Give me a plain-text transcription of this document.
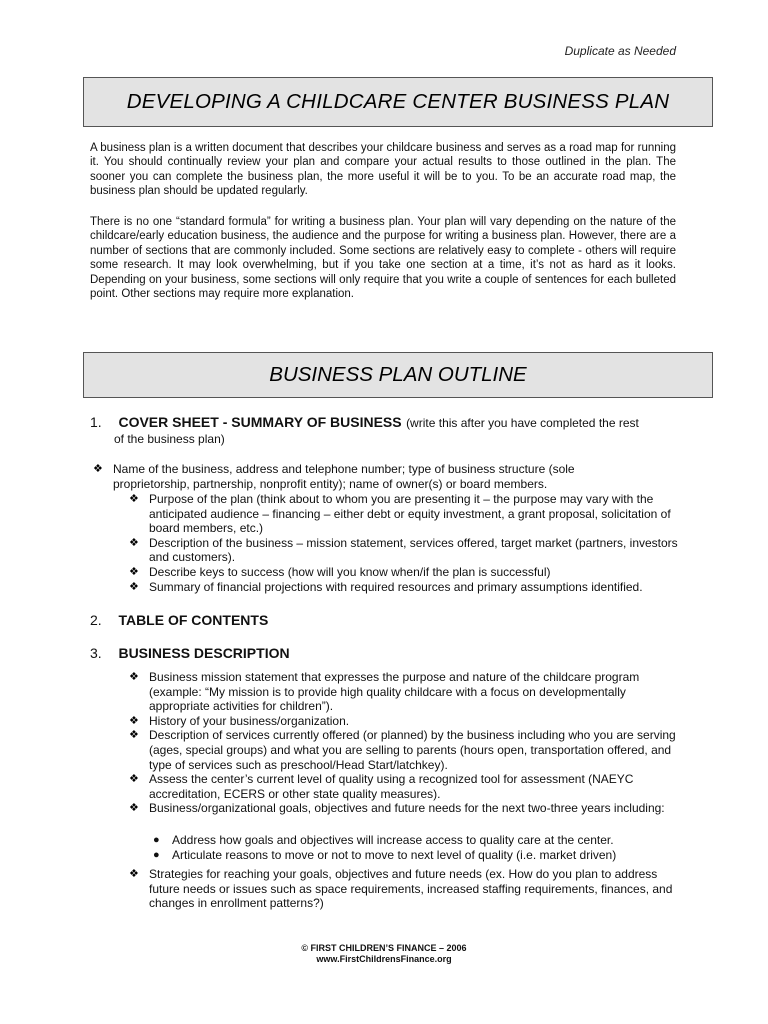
Duplicate as Needed
DEVELOPING A CHILDCARE CENTER BUSINESS PLAN

A business plan is a written document that describes your childcare business and serves as a road map for running it. You should continually review your plan and compare your actual results to those outlined in the plan. The sooner you can complete the business plan, the more useful it will be to you. To be an accurate road map, the business plan should be updated regularly.

There is no one “standard formula” for writing a business plan. Your plan will vary depending on the nature of the childcare/early education business, the audience and the purpose for writing a business plan. However, there are a number of sections that are commonly included. Some sections are relatively easy to complete - others will require some research. It may look overwhelming, but if you take one section at a time, it’s not as hard as it looks. Depending on your business, some sections will only require that you write a couple of sentences for each bulleted point. Other sections may require more explanation.

BUSINESS PLAN OUTLINE
1. COVER SHEET - SUMMARY OF BUSINESS (write this after you have completed the rest
of the business plan)
❖ Name of the business, address and telephone number; type of business structure (sole proprietorship, partnership, nonprofit entity); name of owner(s) or board members.
❖ Purpose of the plan (think about to whom you are presenting it – the purpose may vary with the anticipated audience – financing – either debt or equity investment, a grant proposal, solicitation of board members, etc.)
❖ Description of the business – mission statement, services offered, target market (partners, investors and customers).
❖ Describe keys to success (how will you know when/if the plan is successful)
❖ Summary of financial projections with required resources and primary assumptions identified.
2. TABLE OF CONTENTS
3. BUSINESS DESCRIPTION
❖ Business mission statement that expresses the purpose and nature of the childcare program (example: “My mission is to provide high quality childcare with a focus on developmentally appropriate activities for children”).
❖ History of your business/organization.
❖ Description of services currently offered (or planned) by the business including who you are serving (ages, special groups) and what you are selling to parents (hours open, transportation offered, and type of services such as preschool/Head Start/latchkey).
❖ Assess the center’s current level of quality using a recognized tool for assessment (NAEYC accreditation, ECERS or other state quality measures).
❖ Business/organizational goals, objectives and future needs for the next two-three years including:
● Address how goals and objectives will increase access to quality care at the center.
● Articulate reasons to move or not to move to next level of quality (i.e. market driven)
❖ Strategies for reaching your goals, objectives and future needs (ex. How do you plan to address future needs or issues such as space requirements, increased staffing requirements, finances, and changes in enrollment patterns?)
© FIRST CHILDREN’S FINANCE – 2006
www.FirstChildrensFinance.org
